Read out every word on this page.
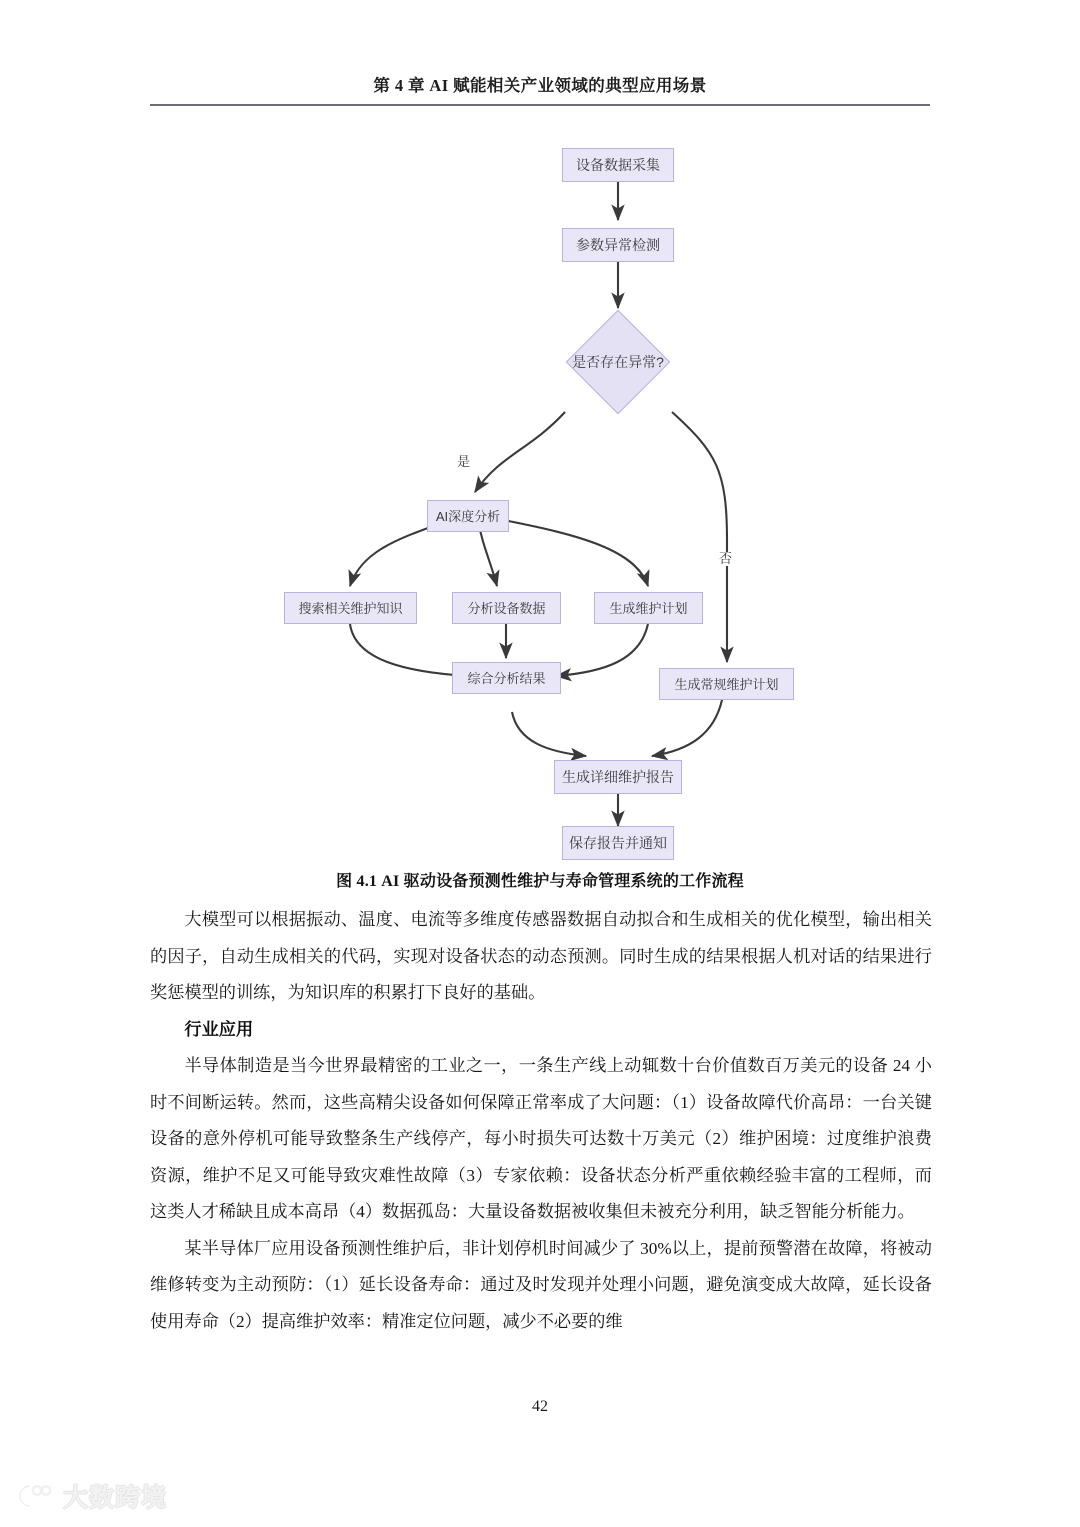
第 4 章 AI 赋能相关产业领域的典型应用场景
设备数据采集
参数异常检测
是否存在异常?
是
否
AI深度分析
搜索相关维护知识	分析设备数据	生成维护计划
综合分析结果	生成常规维护计划
生成详细维护报告
保存报告并通知
图 4.1 AI 驱动设备预测性维护与寿命管理系统的工作流程

大模型可以根据振动、温度、电流等多维度传感器数据自动拟合和生成相关的优化模型，输出相关的因子，自动生成相关的代码，实现对设备状态的动态预测。同时生成的结果根据人机对话的结果进行奖惩模型的训练，为知识库的积累打下良好的基础。

行业应用

半导体制造是当今世界最精密的工业之一，一条生产线上动辄数十台价值数百万美元的设备 24 小时不间断运转。然而，这些高精尖设备如何保障正常率成了大问题：（1）设备故障代价高昂：一台关键设备的意外停机可能导致整条生产线停产，每小时损失可达数十万美元（2）维护困境：过度维护浪费资源，维护不足又可能导致灾难性故障（3）专家依赖：设备状态分析严重依赖经验丰富的工程师，而这类人才稀缺且成本高昂（4）数据孤岛：大量设备数据被收集但未被充分利用，缺乏智能分析能力。

某半导体厂应用设备预测性维护后，非计划停机时间减少了 30%以上，提前预警潜在故障，将被动维修转变为主动预防：（1）延长设备寿命：通过及时发现并处理小问题，避免演变成大故障，延长设备使用寿命（2）提高维护效率：精准定位问题，减少不必要的维

42
大数跨境
